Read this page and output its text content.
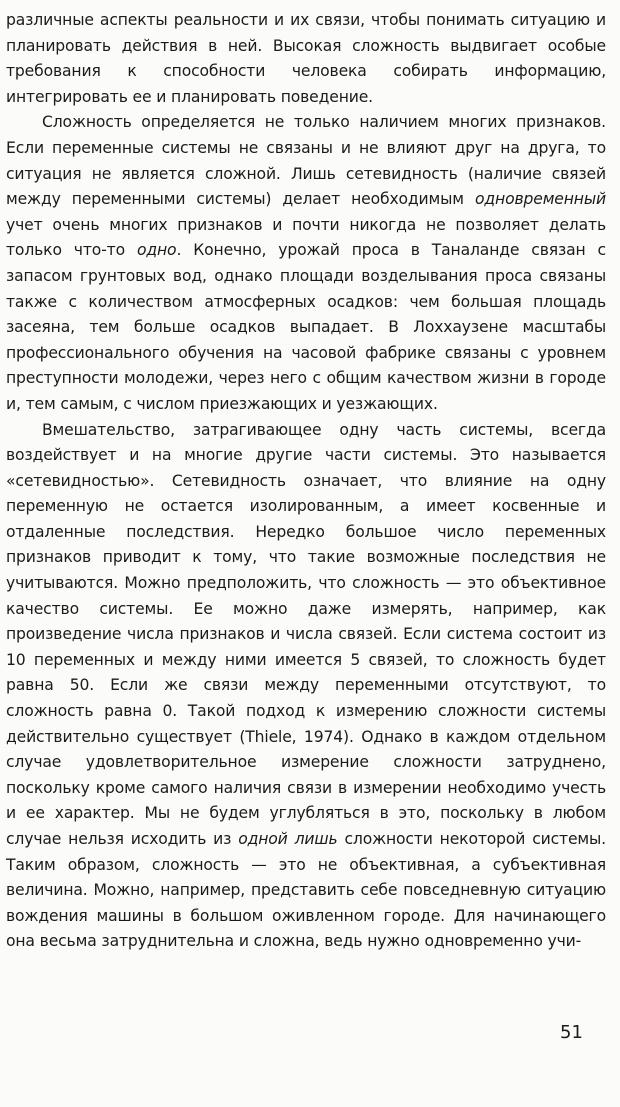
различные аспекты реальности и их связи, чтобы понимать ситуацию и планировать действия в ней. Высокая сложность выдвигает особые требования к способности человека собирать информацию, интегрировать ее и планировать поведение.

Сложность определяется не только наличием многих признаков. Если переменные системы не связаны и не влияют друг на друга, то ситуация не является сложной. Лишь сетевидность (наличие связей между переменными системы) делает необходимым одновременный учет очень многих признаков и почти никогда не позволяет делать только что-то одно. Конечно, урожай проса в Таналанде связан с запасом грунтовых вод, однако площади возделывания проса связаны также с количеством атмосферных осадков: чем большая площадь засеяна, тем больше осадков выпадает. В Лоххаузене масштабы профессионального обучения на часовой фабрике связаны с уровнем преступности молодежи, через него с общим качеством жизни в городе и, тем самым, с числом приезжающих и уезжающих.

Вмешательство, затрагивающее одну часть системы, всегда воздействует и на многие другие части системы. Это называется «сетевидностью». Сетевидность означает, что влияние на одну переменную не остается изолированным, а имеет косвенные и отдаленные последствия. Нередко большое число переменных признаков приводит к тому, что такие возможные последствия не учитываются. Можно предположить, что сложность — это объективное качество системы. Ее можно даже измерять, например, как произведение числа признаков и числа связей. Если система состоит из 10 переменных и между ними имеется 5 связей, то сложность будет равна 50. Если же связи между переменными отсутствуют, то сложность равна 0. Такой подход к измерению сложности системы действительно существует (Thiele, 1974). Однако в каждом отдельном случае удовлетворительное измерение сложности затруднено, поскольку кроме самого наличия связи в измерении необходимо учесть и ее характер. Мы не будем углубляться в это, поскольку в любом случае нельзя исходить из одной лишь сложности некоторой системы. Таким образом, сложность — это не объективная, а субъективная величина. Можно, например, представить себе повседневную ситуацию вождения машины в большом оживленном городе. Для начинающего она весьма затруднительна и сложна, ведь нужно одновременно учи-

51
